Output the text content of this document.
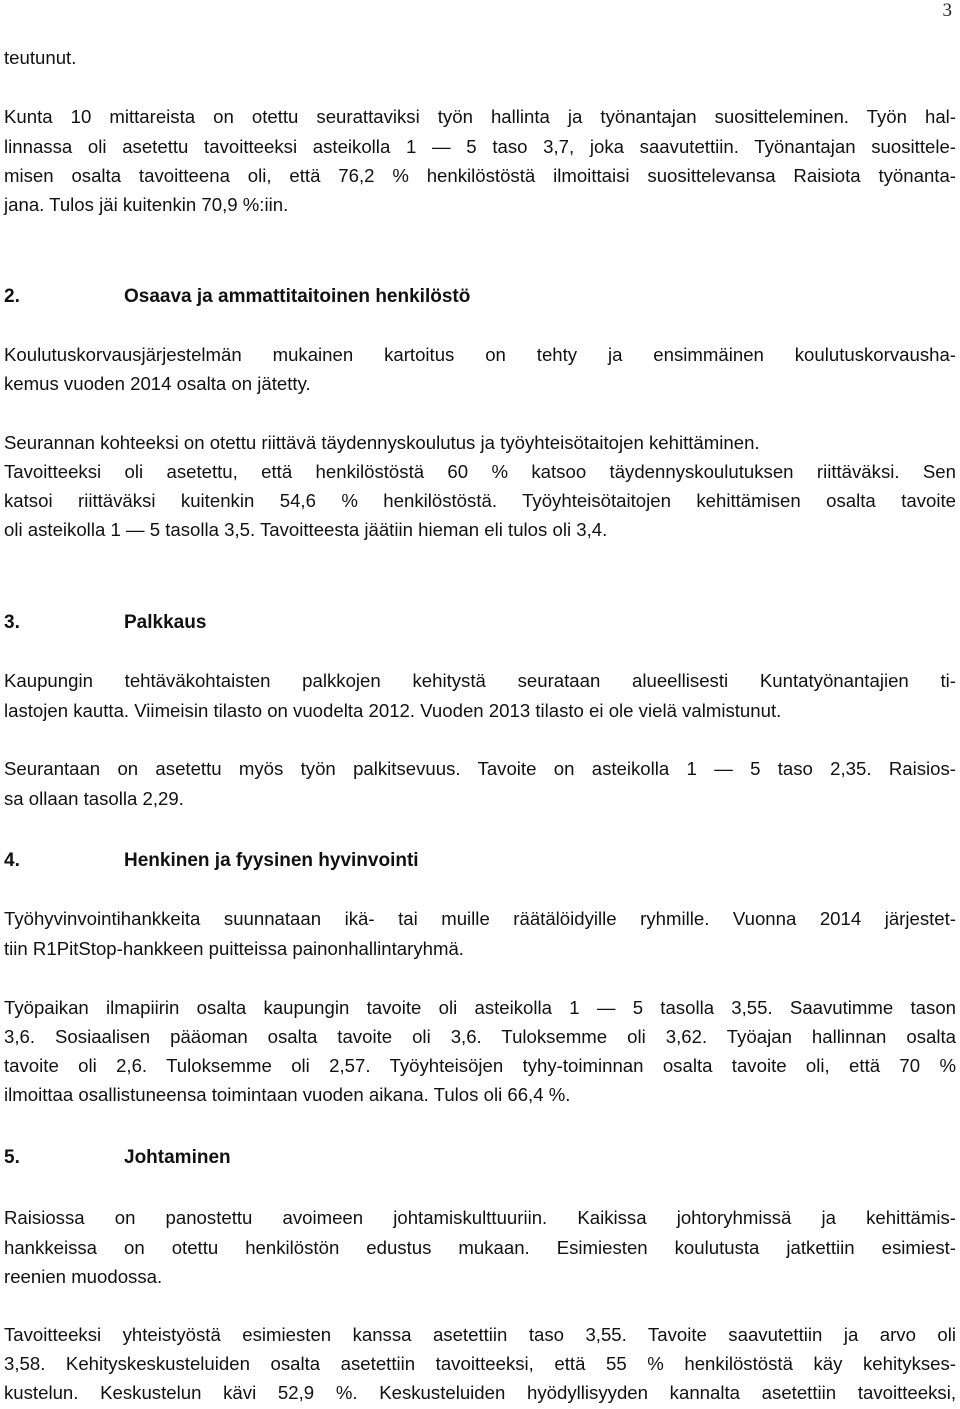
3
teutunut.
Kunta 10 mittareista on otettu seurattaviksi työn hallinta ja työnantajan suositteleminen. Työn hal-
linnassa oli asetettu tavoitteeksi asteikolla 1 — 5 taso 3,7, joka saavutettiin. Työnantajan suosittele-
misen osalta tavoitteena oli, että 76,2 % henkilöstöstä ilmoittaisi suosittelevansa Raisiota työnanta-
jana. Tulos jäi kuitenkin 70,9 %:iin.
2.	Osaava ja ammattitaitoinen henkilöstö
Koulutuskorvausjärjestelmän mukainen kartoitus on tehty ja ensimmäinen koulutuskorvausha-
kemus vuoden 2014 osalta on jätetty.
Seurannan kohteeksi on otettu riittävä täydennyskoulutus ja työyhteisötaitojen kehittäminen.
Tavoitteeksi oli asetettu, että henkilöstöstä 60 % katsoo täydennyskoulutuksen riittäväksi. Sen
katsoi riittäväksi kuitenkin 54,6 % henkilöstöstä. Työyhteisötaitojen kehittämisen osalta tavoite
oli asteikolla 1 — 5 tasolla 3,5. Tavoitteesta jäätiin hieman eli tulos oli 3,4.
3.	Palkkaus
Kaupungin tehtäväkohtaisten palkkojen kehitystä seurataan alueellisesti Kuntatyönantajien ti-
lastojen kautta. Viimeisin tilasto on vuodelta 2012. Vuoden 2013 tilasto ei ole vielä valmistunut.
Seurantaan on asetettu myös työn palkitsevuus. Tavoite on asteikolla 1 — 5 taso 2,35. Raisios-
sa ollaan tasolla 2,29.
4.	Henkinen ja fyysinen hyvinvointi
Työhyvinvointihankkeita suunnataan ikä- tai muille räätälöidyille ryhmille. Vuonna 2014 järjestet-
tiin R1PitStop-hankkeen puitteissa painonhallintaryhmä.
Työpaikan ilmapiirin osalta kaupungin tavoite oli asteikolla 1 — 5 tasolla 3,55. Saavutimme tason
3,6. Sosiaalisen pääoman osalta tavoite oli 3,6. Tuloksemme oli 3,62. Työajan hallinnan osalta
tavoite oli 2,6. Tuloksemme oli 2,57. Työyhteisöjen tyhy-toiminnan osalta tavoite oli, että 70 %
ilmoittaa osallistuneensa toimintaan vuoden aikana. Tulos oli 66,4 %.
5.	Johtaminen
Raisiossa on panostettu avoimeen johtamiskulttuuriin. Kaikissa johtoryhmissä ja kehittämis-
hankkeissa on otettu henkilöstön edustus mukaan. Esimiesten koulutusta jatkettiin esimiest-
reenien muodossa.
Tavoitteeksi yhteistyöstä esimiesten kanssa asetettiin taso 3,55. Tavoite saavutettiin ja arvo oli
3,58. Kehityskeskusteluiden osalta asetettiin tavoitteeksi, että 55 % henkilöstöstä käy kehitykses-
kustelun. Keskustelun kävi 52,9 %. Keskusteluiden hyödyllisyyden kannalta asetettiin tavoitteeksi,
